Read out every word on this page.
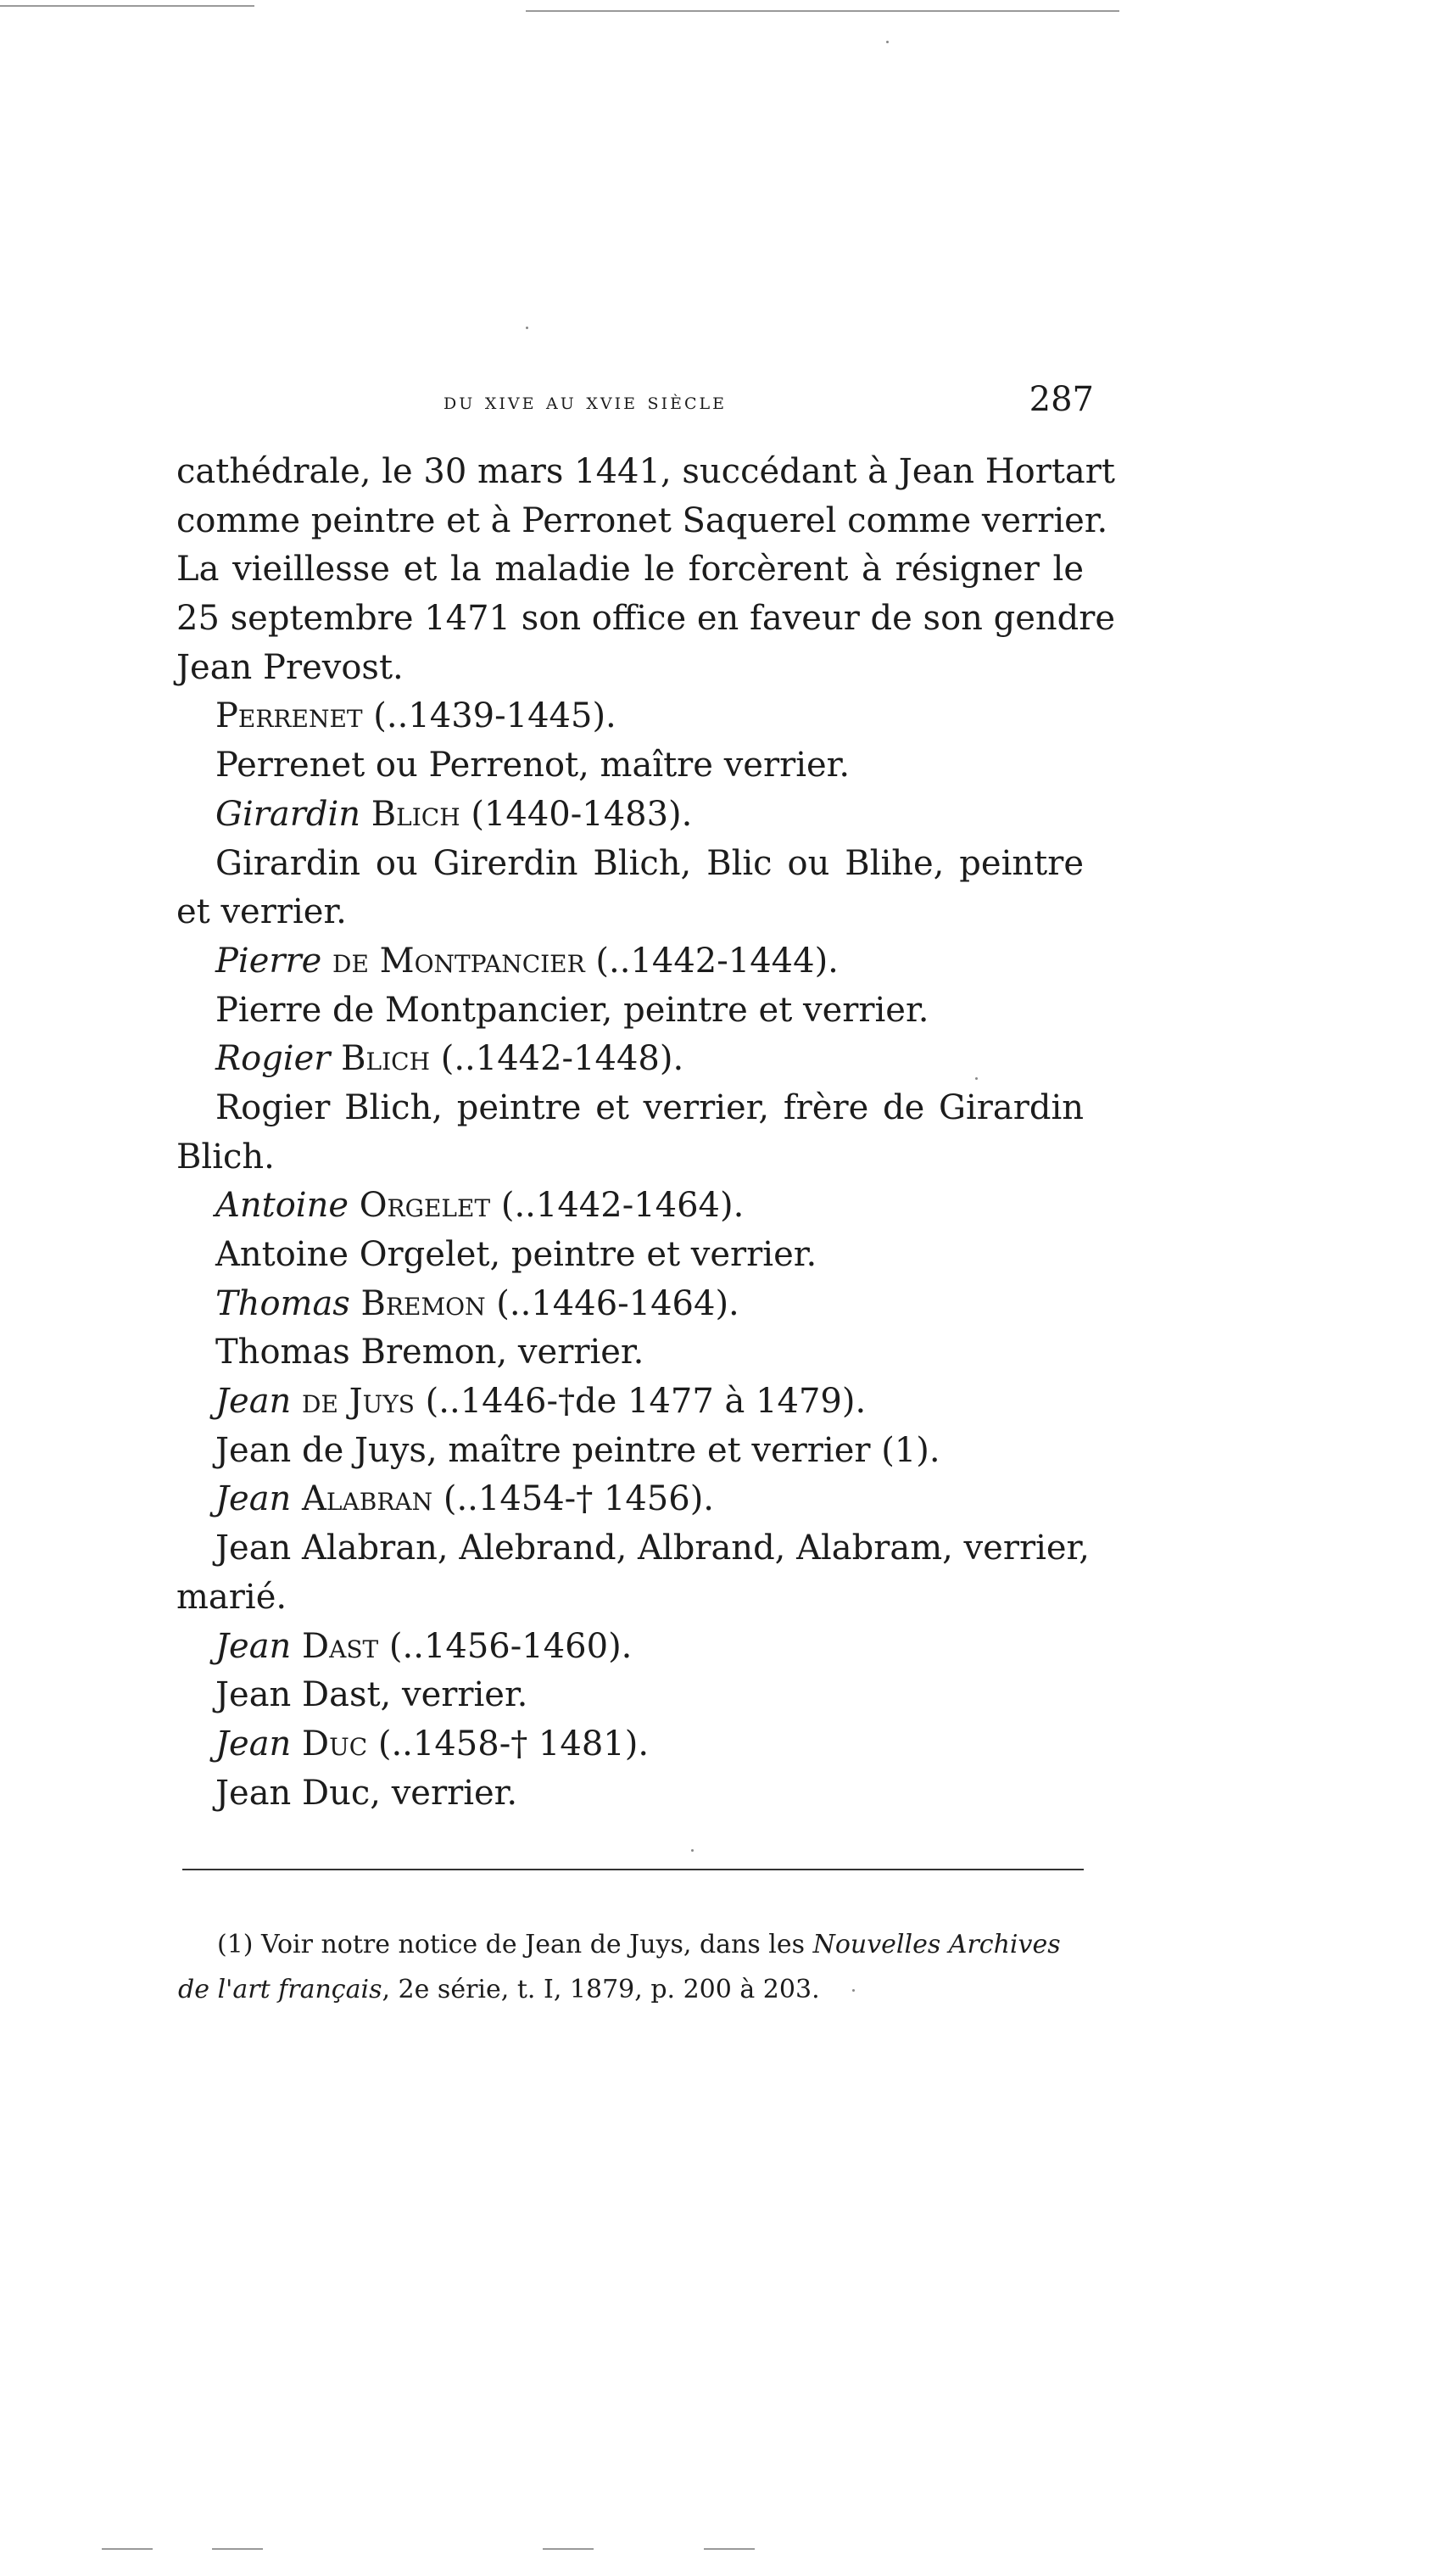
du xive au xvie siècle	287
cathédrale, le 30 mars 1441, succédant à Jean Hortart
comme peintre et à Perronet Saquerel comme verrier.
La vieillesse et la maladie le forcèrent à résigner le
25 septembre 1471 son office en faveur de son gendre
Jean Prevost.
Perrenet (..1439-1445).
Perrenet ou Perrenot, maître verrier.
Girardin Blich (1440-1483).
Girardin ou Girerdin Blich, Blic ou Blihe, peintre
et verrier.
Pierre de Montpancier (..1442-1444).
Pierre de Montpancier, peintre et verrier.
Rogier Blich (..1442-1448).
Rogier Blich, peintre et verrier, frère de Girardin
Blich.
Antoine Orgelet (..1442-1464).
Antoine Orgelet, peintre et verrier.
Thomas Bremon (..1446-1464).
Thomas Bremon, verrier.
Jean de Juys (..1446-†de 1477 à 1479).
Jean de Juys, maître peintre et verrier (1).
Jean Alabran (..1454-† 1456).
Jean Alabran, Alebrand, Albrand, Alabram, verrier,
marié.
Jean Dast (..1456-1460).
Jean Dast, verrier.
Jean Duc (..1458-† 1481).
Jean Duc, verrier.
(1) Voir notre notice de Jean de Juys, dans les Nouvelles Archives
de l'art français, 2e série, t. I, 1879, p. 200 à 203.
